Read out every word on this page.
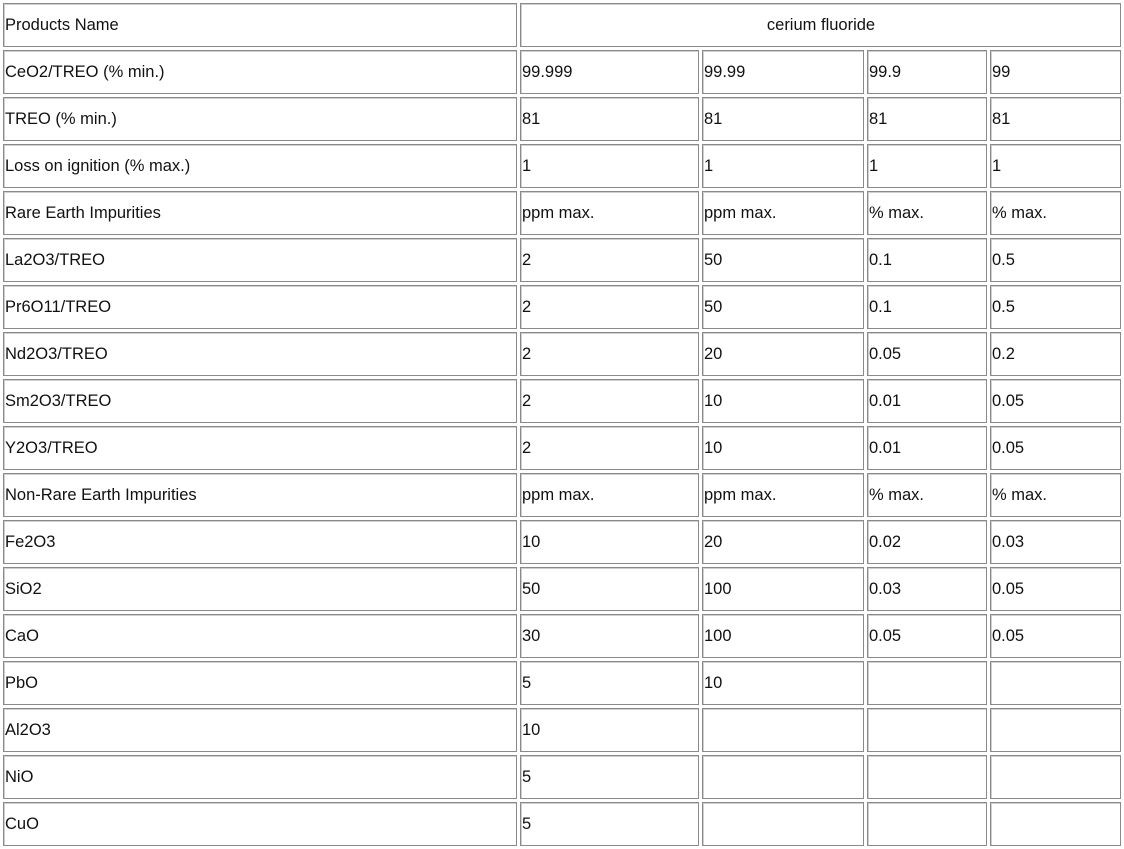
Products Name	cerium fluoride			
CeO2/TREO (% min.)	99.999	99.99	99.9	99
TREO (% min.)	81	81	81	81
Loss on ignition (% max.)	1	1	1	1
Rare Earth Impurities	ppm max.	ppm max.	% max.	% max.
La2O3/TREO	2	50	0.1	0.5
Pr6O11/TREO	2	50	0.1	0.5
Nd2O3/TREO	2	20	0.05	0.2
Sm2O3/TREO	2	10	0.01	0.05
Y2O3/TREO	2	10	0.01	0.05
Non-Rare Earth Impurities	ppm max.	ppm max.	% max.	% max.
Fe2O3	10	20	0.02	0.03
SiO2	50	100	0.03	0.05
CaO	30	100	0.05	0.05
PbO	5	10		
Al2O3	10			
NiO	5			
CuO	5			
